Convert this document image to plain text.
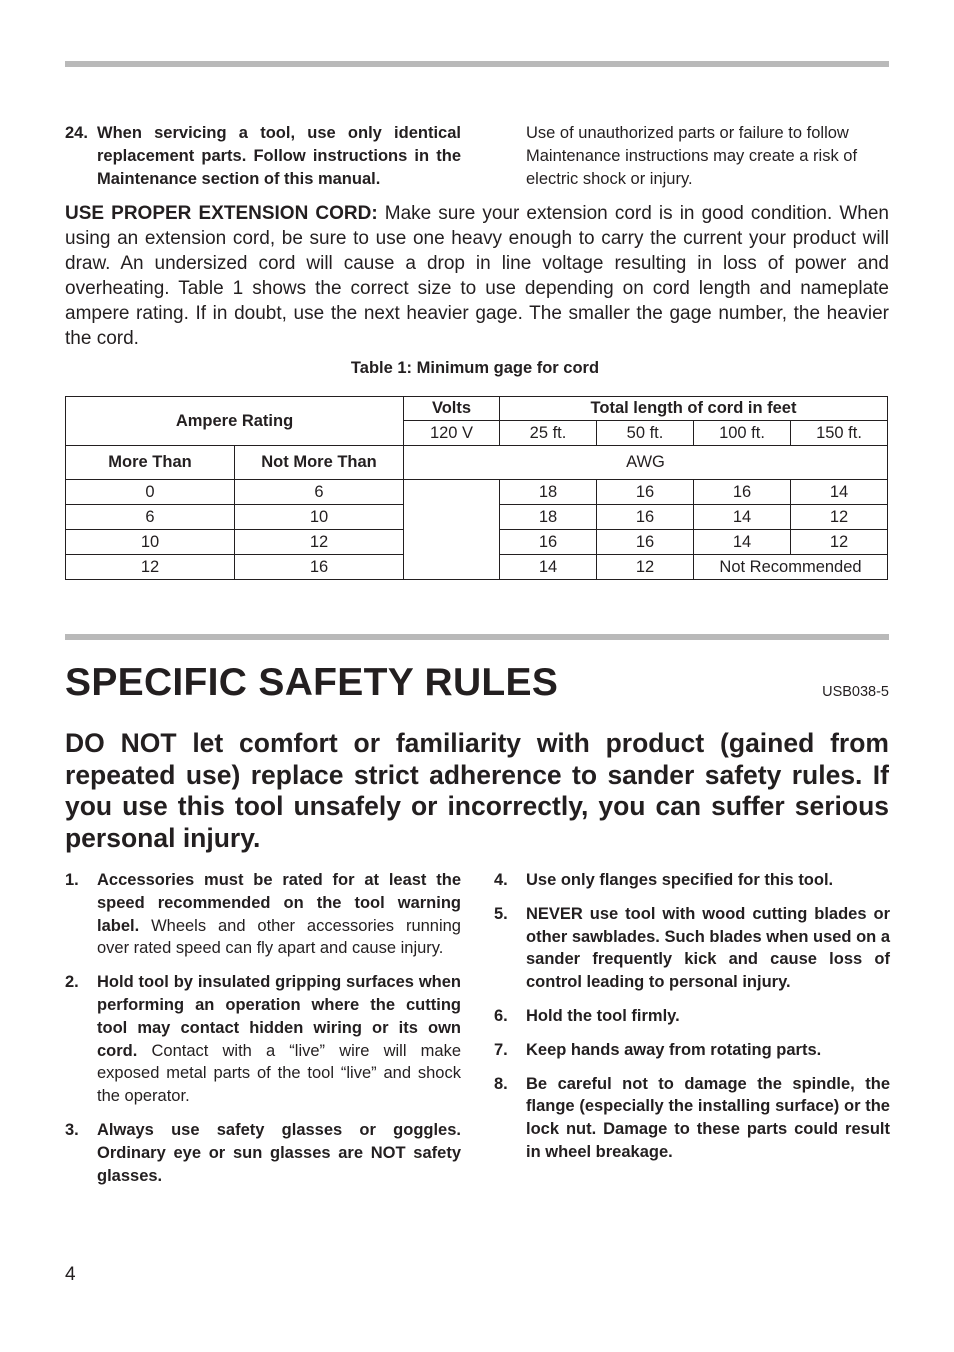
24. When servicing a tool, use only identical replacement parts. Follow instructions in the Maintenance section of this manual.
Use of unauthorized parts or failure to follow Maintenance instructions may create a risk of electric shock or injury.
USE PROPER EXTENSION CORD: Make sure your extension cord is in good condition. When using an extension cord, be sure to use one heavy enough to carry the current your product will draw. An undersized cord will cause a drop in line voltage resulting in loss of power and overheating. Table 1 shows the correct size to use depending on cord length and nameplate ampere rating. If in doubt, use the next heavier gage. The smaller the gage number, the heavier the cord.
Table 1: Minimum gage for cord
Ampere Rating		Volts	Total length of cord in feet			
		120 V	25 ft.	50 ft.	100 ft.	150 ft.
More Than	Not More Than	AWG				
0	6		18	16	16	14
6	10		18	16	14	12
10	12		16	16	14	12
12	16		14	12	Not Recommended	
SPECIFIC SAFETY RULES	USB038-5
DO NOT let comfort or familiarity with product (gained from repeated use) replace strict adherence to sander safety rules. If you use this tool unsafely or incorrectly, you can suffer serious personal injury.
1. Accessories must be rated for at least the speed recommended on the tool warning label. Wheels and other accessories running over rated speed can fly apart and cause injury.
2. Hold tool by insulated gripping surfaces when performing an operation where the cutting tool may contact hidden wiring or its own cord. Contact with a “live” wire will make exposed metal parts of the tool “live” and shock the operator.
3. Always use safety glasses or goggles. Ordinary eye or sun glasses are NOT safety glasses.
4. Use only flanges specified for this tool.
5. NEVER use tool with wood cutting blades or other sawblades. Such blades when used on a sander frequently kick and cause loss of control leading to personal injury.
6. Hold the tool firmly.
7. Keep hands away from rotating parts.
8. Be careful not to damage the spindle, the flange (especially the installing surface) or the lock nut. Damage to these parts could result in wheel breakage.
4
